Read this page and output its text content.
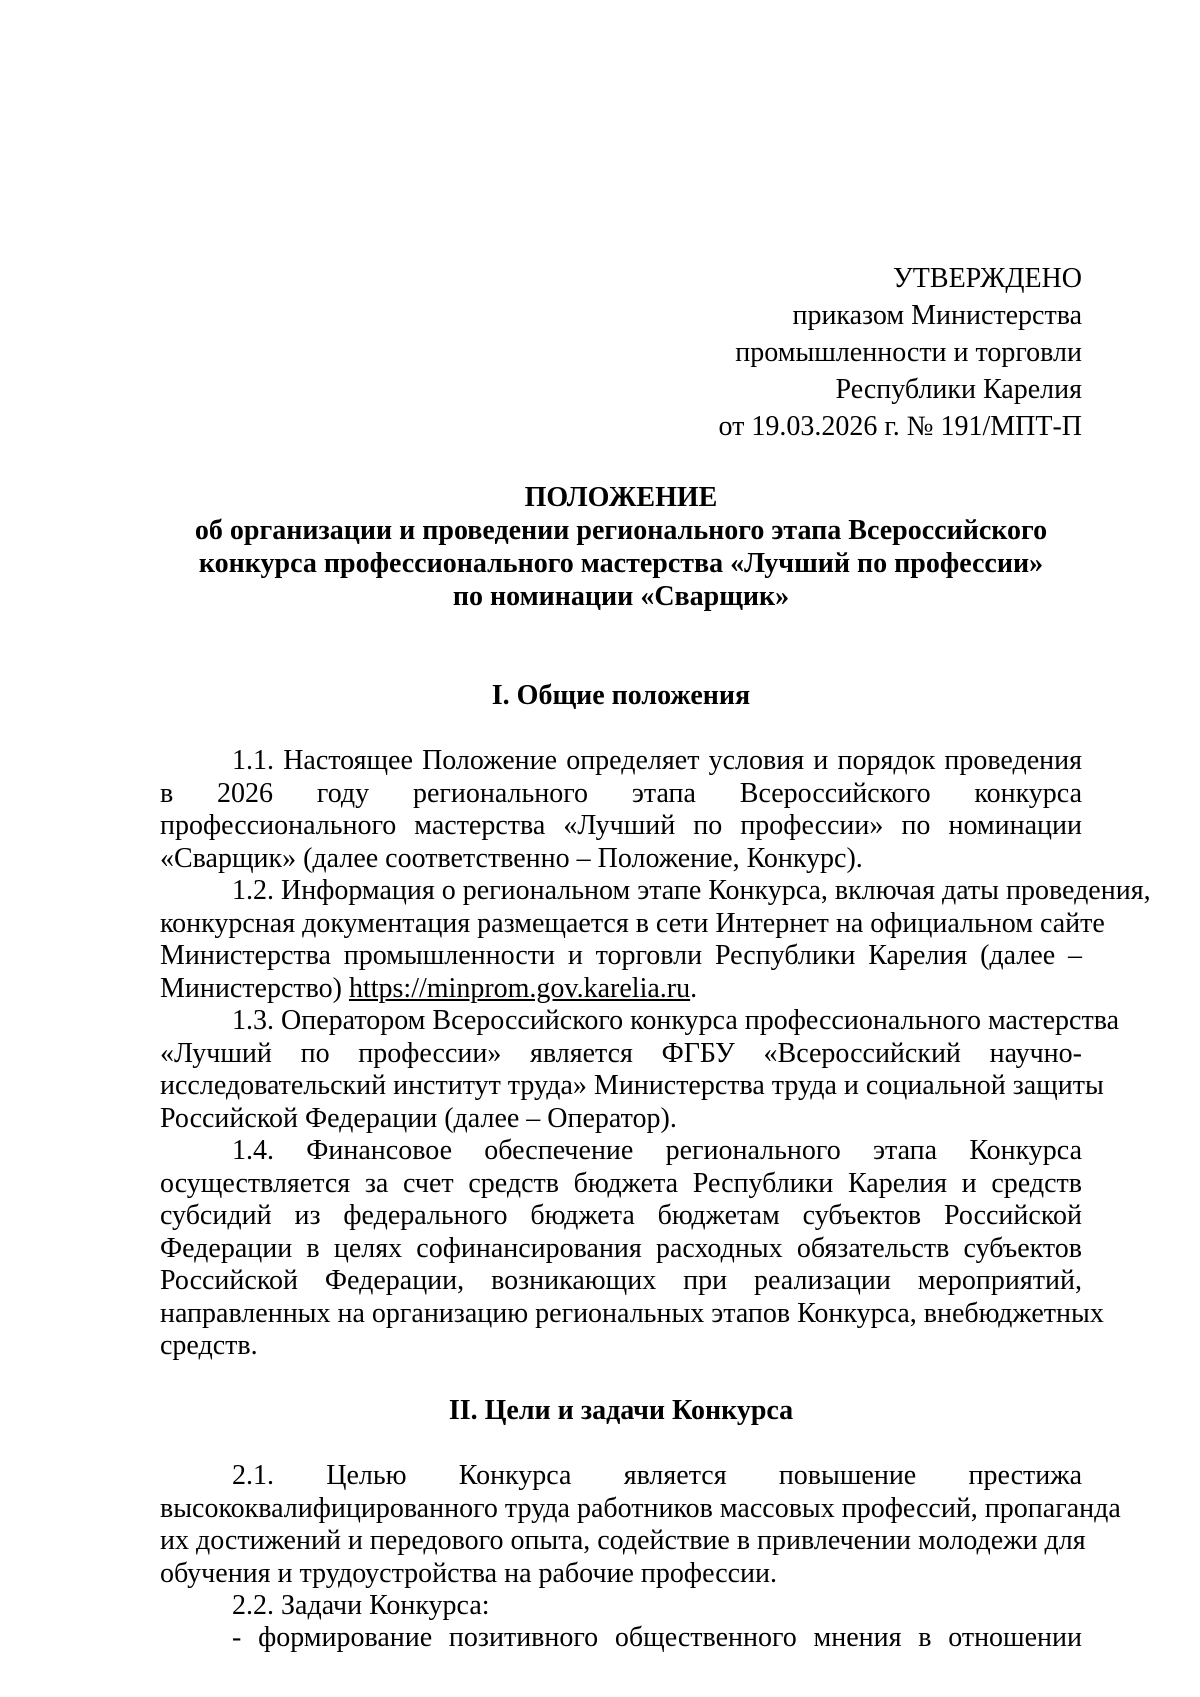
УТВЕРЖДЕНО
приказом Министерства
промышленности и торговли
Республики Карелия
от 19.03.2026 г. № 191/МПТ-П
ПОЛОЖЕНИЕ
об организации и проведении регионального этапа Всероссийского
конкурса профессионального мастерства «Лучший по профессии»
по номинации «Сварщик»
I. Общие положения
1.1. Настоящее Положение определяет условия и порядок проведения
в 2026 году регионального этапа Всероссийского конкурса
профессионального мастерства «Лучший по профессии» по номинации
«Сварщик» (далее соответственно – Положение, Конкурс).
1.2. Информация о региональном этапе Конкурса, включая даты проведения,
конкурсная документация размещается в сети Интернет на официальном сайте
Министерства промышленности и торговли Республики Карелия (далее –
Министерство) https://minprom.gov.karelia.ru.
1.3. Оператором Всероссийского конкурса профессионального мастерства
«Лучший по профессии» является ФГБУ «Всероссийский научно-
исследовательский институт труда» Министерства труда и социальной защиты
Российской Федерации (далее – Оператор).
1.4. Финансовое обеспечение регионального этапа Конкурса
осуществляется за счет средств бюджета Республики Карелия и средств
субсидий из федерального бюджета бюджетам субъектов Российской
Федерации в целях софинансирования расходных обязательств субъектов
Российской Федерации, возникающих при реализации мероприятий,
направленных на организацию региональных этапов Конкурса, внебюджетных
средств.
II. Цели и задачи Конкурса
2.1. Целью Конкурса является повышение престижа
высококвалифицированного труда работников массовых профессий, пропаганда
их достижений и передового опыта, содействие в привлечении молодежи для
обучения и трудоустройства на рабочие профессии.
2.2. Задачи Конкурса:
- формирование позитивного общественного мнения в отношении
